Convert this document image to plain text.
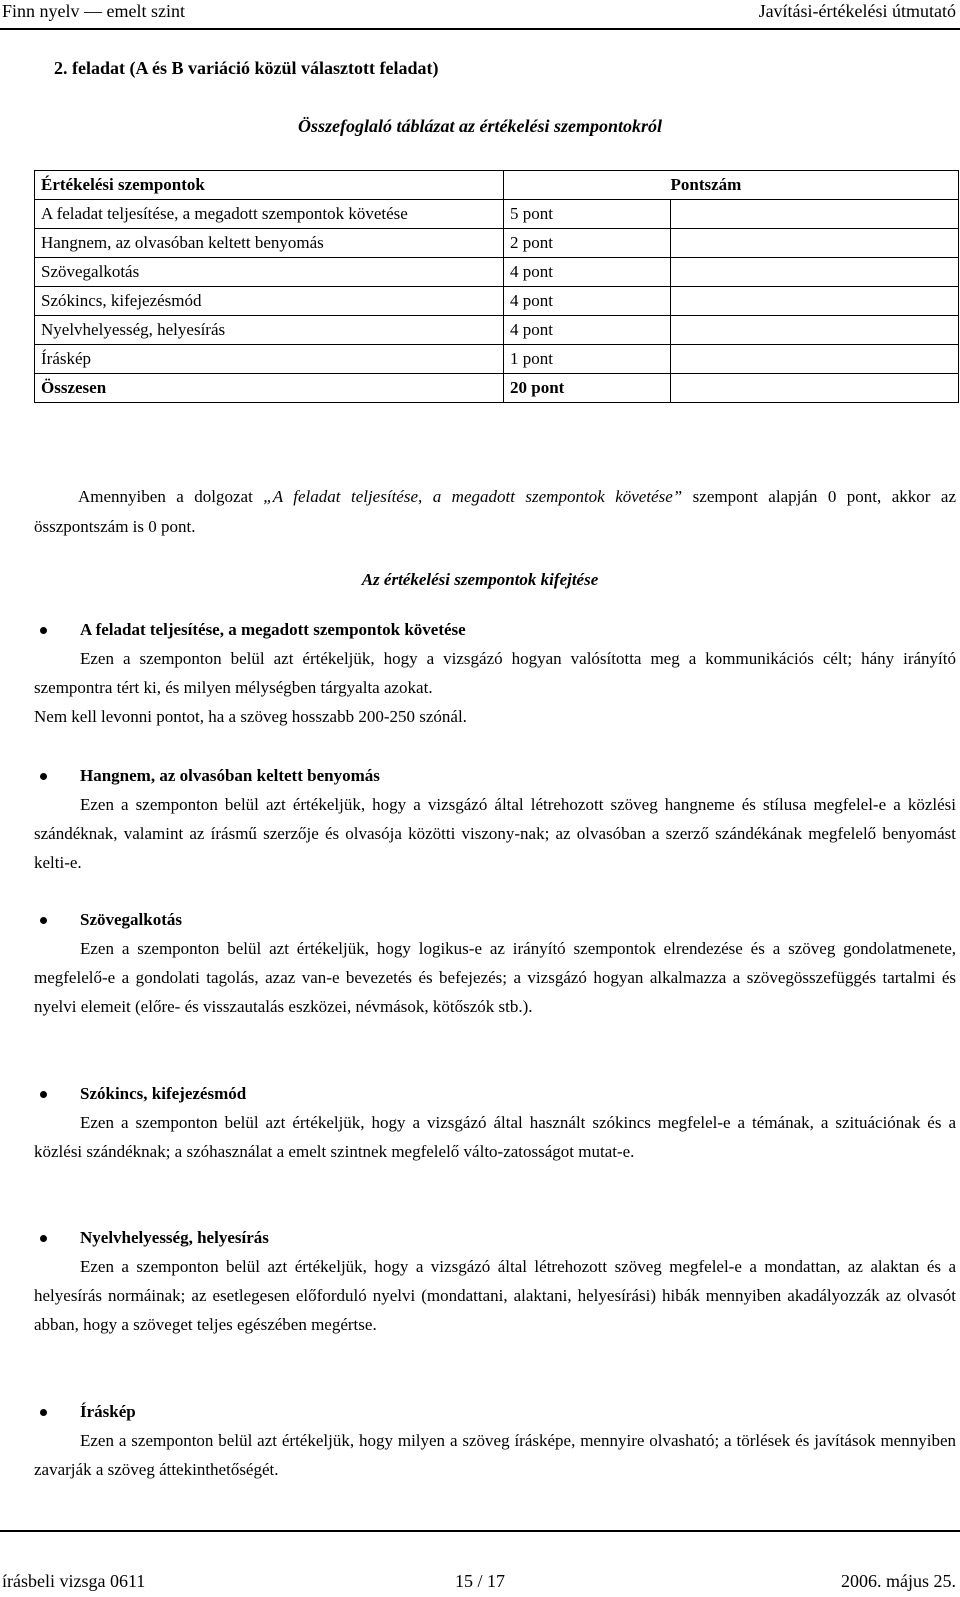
Finn nyelv — emelt szint	Javítási-értékelési útmutató
2. feladat (A és B variáció közül választott feladat)
Összefoglaló táblázat az értékelési szempontokról
Értékelési szempontok		Pontszám
A feladat teljesítése, a megadott szempontok követése	5 pont	
Hangnem, az olvasóban keltett benyomás	2 pont	
Szövegalkotás	4 pont	
Szókincs, kifejezésmód	4 pont	
Nyelvhelyesség, helyesírás	4 pont	
Íráskép	1 pont	
Összesen	20 pont	
Amennyiben a dolgozat „A feladat teljesítése, a megadott szempontok követése” szempont alapján 0 pont, akkor az összpontszám is 0 pont.
Az értékelési szempontok kifejtése
A feladat teljesítése, a megadott szempontok követése
Ezen a szemponton belül azt értékeljük, hogy a vizsgázó hogyan valósította meg a kommunikációs célt; hány irányító szempontra tért ki, és milyen mélységben tárgyalta azokat.
Nem kell levonni pontot, ha a szöveg hosszabb 200-250 szónál.
Hangnem, az olvasóban keltett benyomás
Ezen a szemponton belül azt értékeljük, hogy a vizsgázó által létrehozott szöveg hangneme és stílusa megfelel-e a közlési szándéknak, valamint az írásmű szerzője és olvasója közötti viszony-nak; az olvasóban a szerző szándékának megfelelő benyomást kelti-e.
Szövegalkotás
Ezen a szemponton belül azt értékeljük, hogy logikus-e az irányító szempontok elrendezése és a szöveg gondolatmenete, megfelelő-e a gondolati tagolás, azaz van-e bevezetés és befejezés; a vizsgázó hogyan alkalmazza a szövegösszefüggés tartalmi és nyelvi elemeit (előre- és visszautalás eszközei, névmások, kötőszók stb.).
Szókincs, kifejezésmód
Ezen a szemponton belül azt értékeljük, hogy a vizsgázó által használt szókincs megfelel-e a témának, a szituációnak és a közlési szándéknak; a szóhasználat a emelt szintnek megfelelő válto-zatosságot mutat-e.
Nyelvhelyesség, helyesírás
Ezen a szemponton belül azt értékeljük, hogy a vizsgázó által létrehozott szöveg megfelel-e a mondattan, az alaktan és a helyesírás normáinak; az esetlegesen előforduló nyelvi (mondattani, alaktani, helyesírási) hibák mennyiben akadályozzák az olvasót abban, hogy a szöveget teljes egészében megértse.
Íráskép
Ezen a szemponton belül azt értékeljük, hogy milyen a szöveg írásképe, mennyire olvasható; a törlések és javítások mennyiben zavarják a szöveg áttekinthetőségét.
15 / 17
írásbeli vizsga 0611	2006. május 25.
